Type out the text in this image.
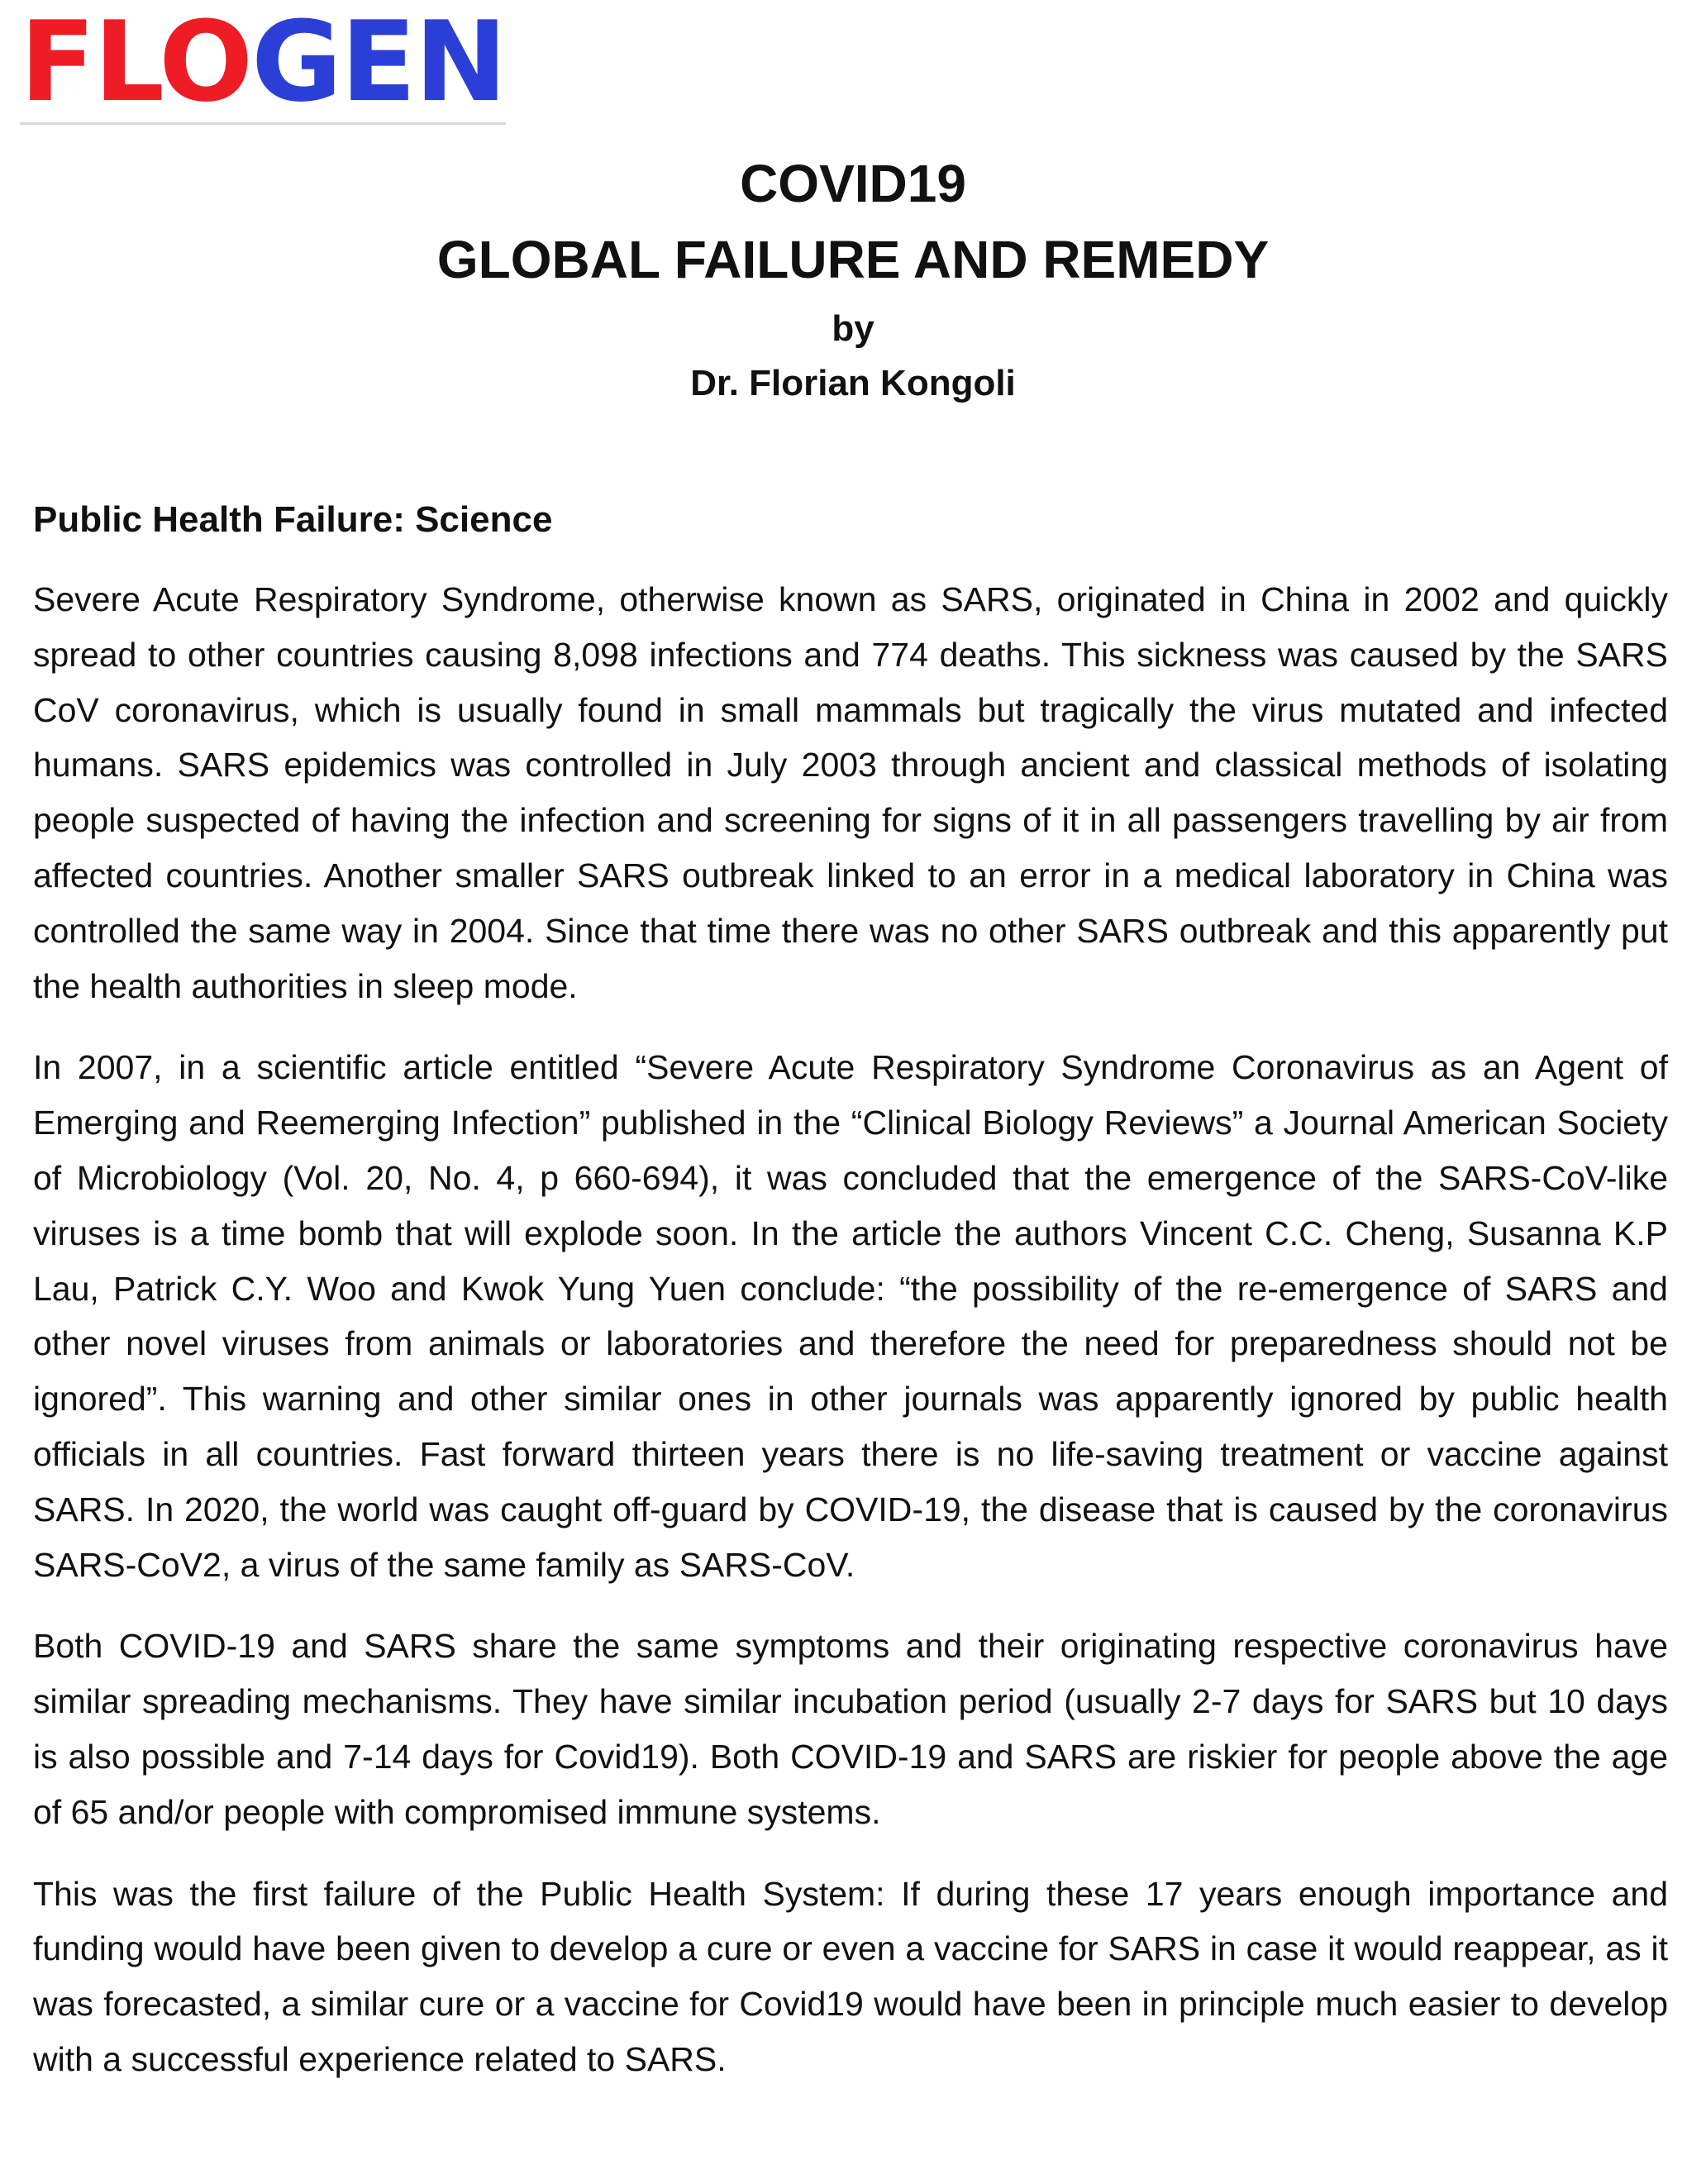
FLOGEN
COVID19
GLOBAL FAILURE AND REMEDY
by
Dr. Florian Kongoli
Public Health Failure: Science

Severe Acute Respiratory Syndrome, otherwise known as SARS, originated in China in 2002 and quickly spread to other countries causing 8,098 infections and 774 deaths. This sickness was caused by the SARS CoV coronavirus, which is usually found in small mammals but tragically the virus mutated and infected humans. SARS epidemics was controlled in July 2003 through ancient and classical methods of isolating people suspected of having the infection and screening for signs of it in all passengers travelling by air from affected countries. Another smaller SARS outbreak linked to an error in a medical laboratory in China was controlled the same way in 2004. Since that time there was no other SARS outbreak and this apparently put the health authorities in sleep mode.

In 2007, in a scientific article entitled “Severe Acute Respiratory Syndrome Coronavirus as an Agent of Emerging and Reemerging Infection” published in the “Clinical Biology Reviews” a Journal American Society of Microbiology (Vol. 20, No. 4, p 660-694), it was concluded that the emergence of the SARS-CoV-like viruses is a time bomb that will explode soon. In the article the authors Vincent C.C. Cheng, Susanna K.P Lau, Patrick C.Y. Woo and Kwok Yung Yuen conclude: “the possibility of the re-emergence of SARS and other novel viruses from animals or laboratories and therefore the need for preparedness should not be ignored”. This warning and other similar ones in other journals was apparently ignored by public health officials in all countries. Fast forward thirteen years there is no life-saving treatment or vaccine against SARS. In 2020, the world was caught off-guard by COVID-19, the disease that is caused by the coronavirus SARS-CoV2, a virus of the same family as SARS-CoV.

Both COVID-19 and SARS share the same symptoms and their originating respective coronavirus have similar spreading mechanisms. They have similar incubation period (usually 2-7 days for SARS but 10 days is also possible and 7-14 days for Covid19). Both COVID-19 and SARS are riskier for people above the age of 65 and/or people with compromised immune systems.

This was the first failure of the Public Health System: If during these 17 years enough importance and funding would have been given to develop a cure or even a vaccine for SARS in case it would reappear, as it was forecasted, a similar cure or a vaccine for Covid19 would have been in principle much easier to develop with a successful experience related to SARS.
